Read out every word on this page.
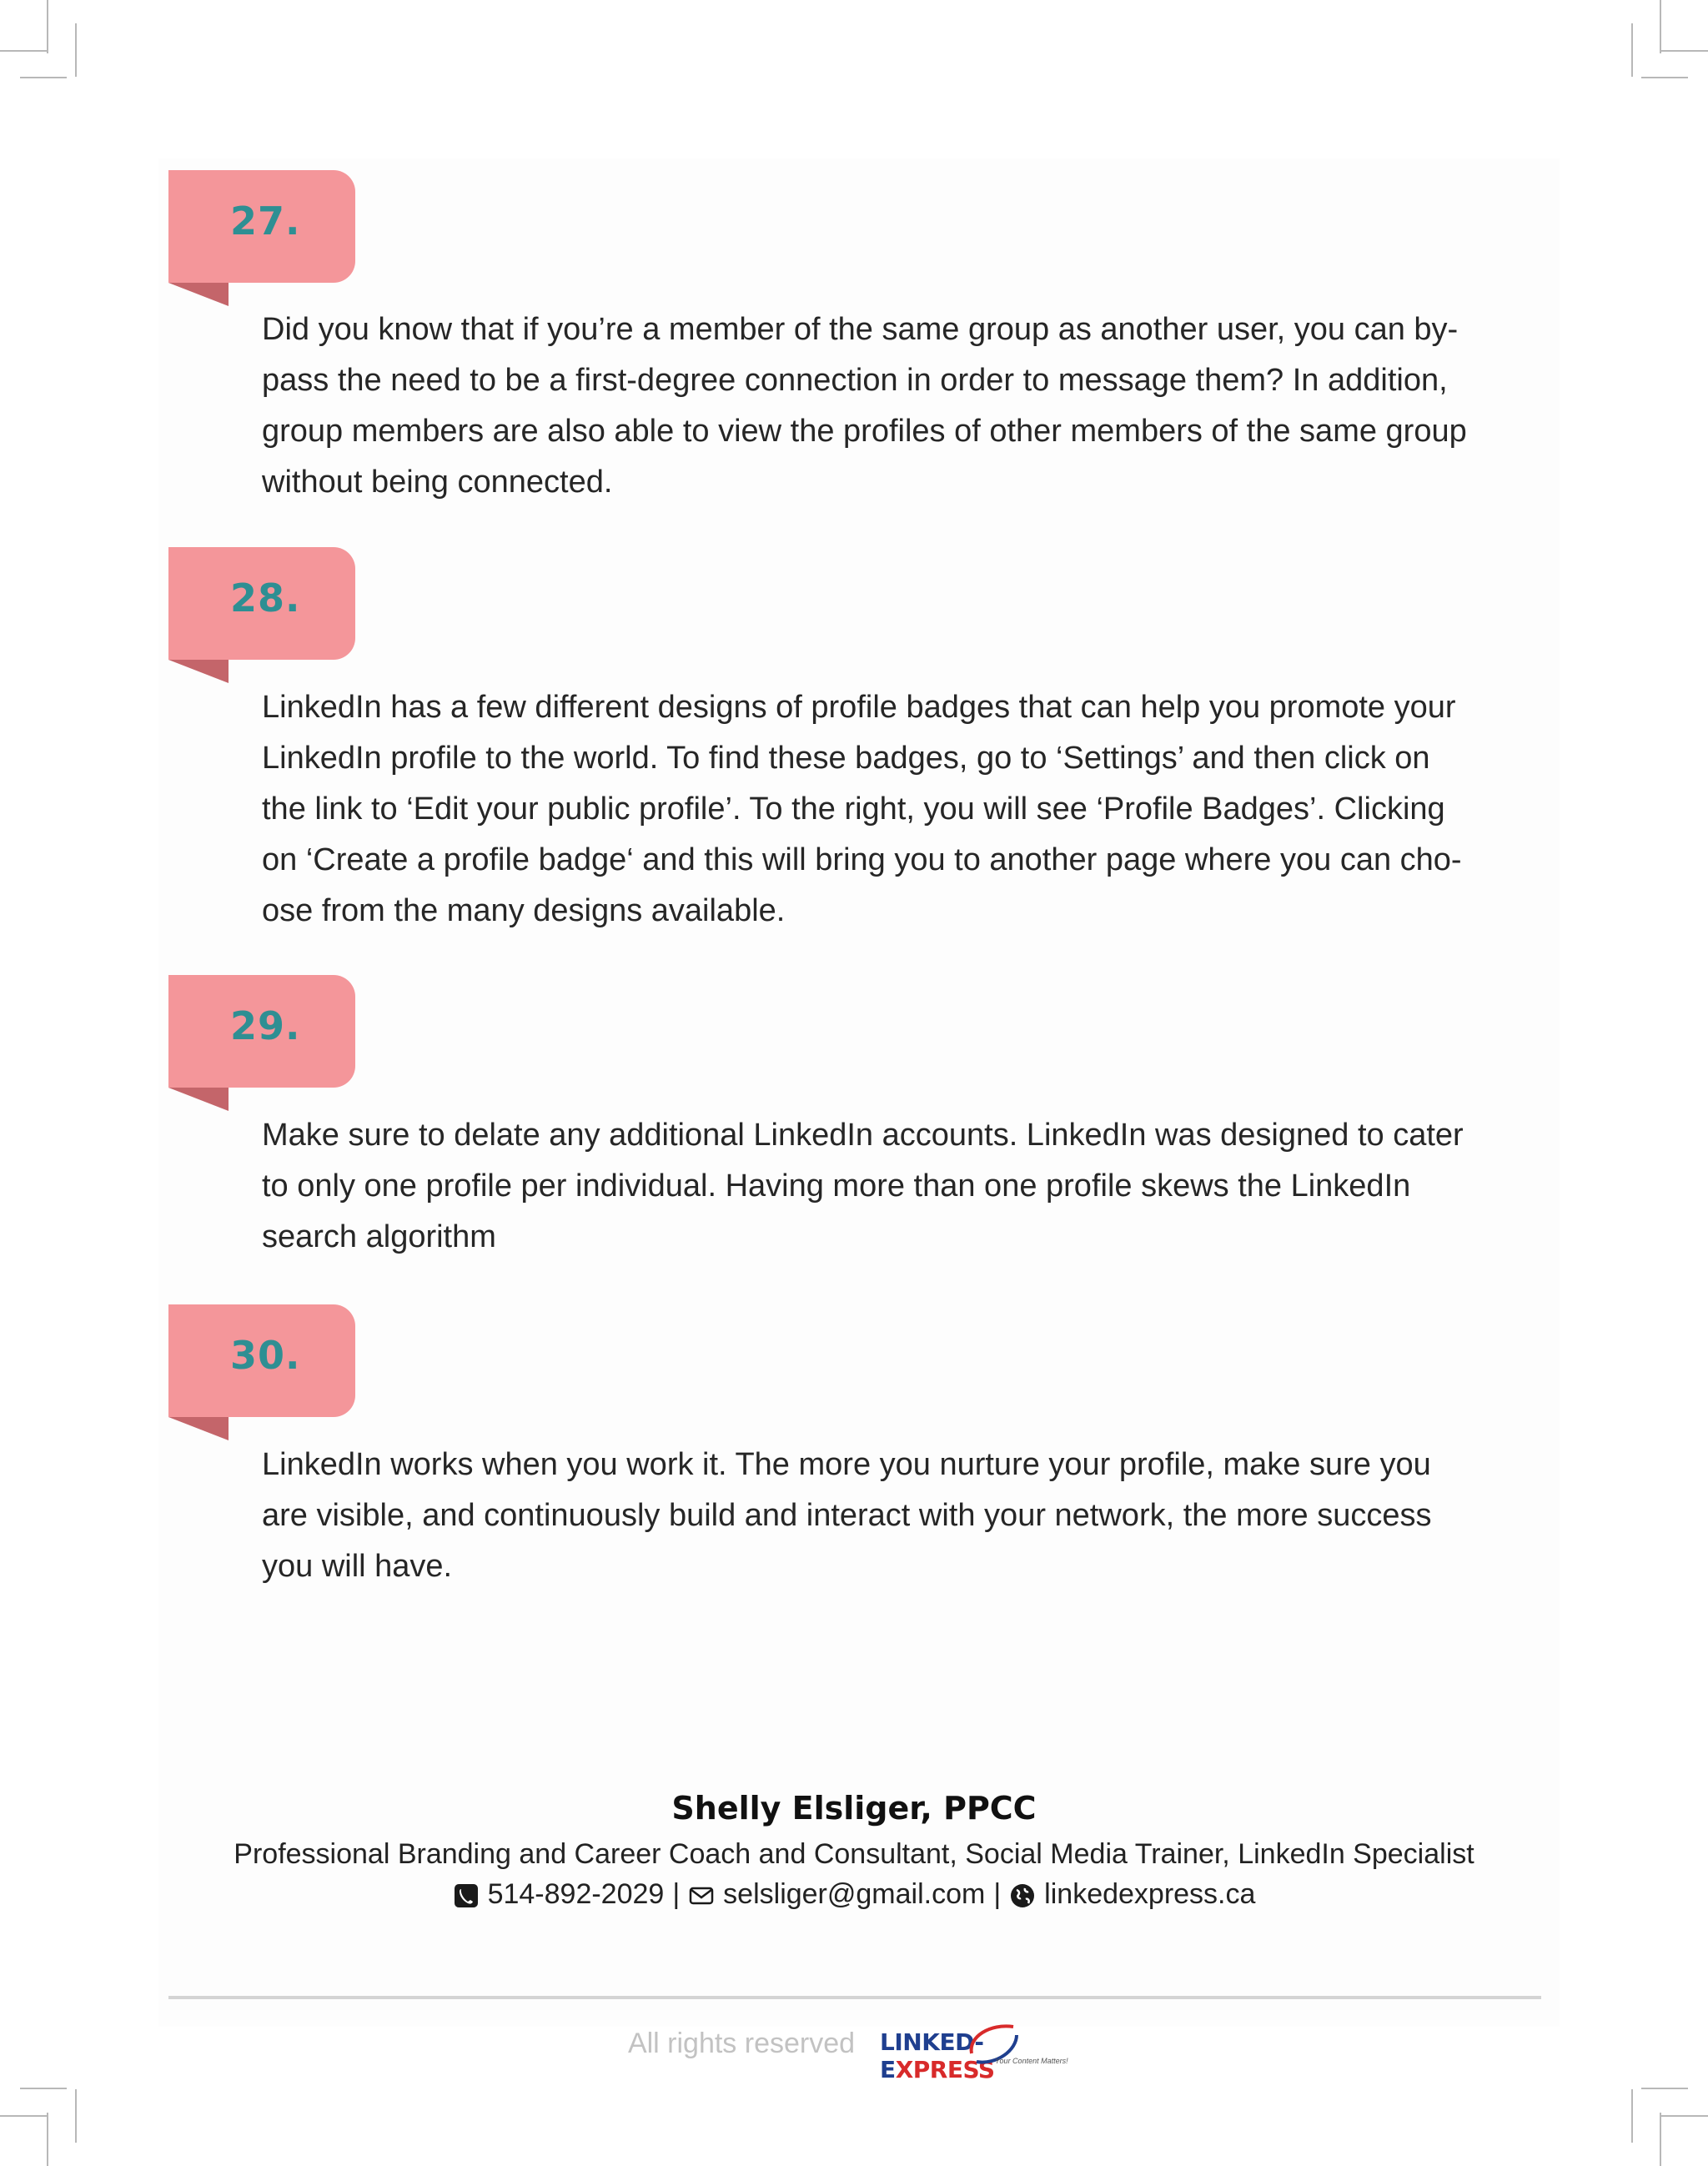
27.

Did you know that if you’re a member of the same group as another user, you can by-
pass the need to be a first-degree connection in order to message them? In addition,
group members are also able to view the profiles of other members of the same group
without being connected.

28.

LinkedIn has a few different designs of profile badges that can help you promote your
LinkedIn profile to the world. To find these badges, go to ‘Settings’ and then click on
the link to ‘Edit your public profile’. To the right, you will see ‘Profile Badges’. Clicking
on ‘Create a profile badge‘ and this will bring you to another page where you can cho-
ose from the many designs available.

29.

Make sure to delate any additional LinkedIn accounts. LinkedIn was designed to cater
to only one profile per individual. Having more than one profile skews the LinkedIn
search algorithm

30.

LinkedIn works when you work it. The more you nurture your profile, make sure you
are visible, and continuously build and interact with your network, the more success
you will have.

Shelly Elsliger, PPCC
Professional Branding and Career Coach and Consultant, Social Media Trainer, LinkedIn Specialist
514-892-2029 | selsliger@gmail.com | linkedexpress.ca
All rights reserved LINKED-EXPRESS Your Content Matters!
